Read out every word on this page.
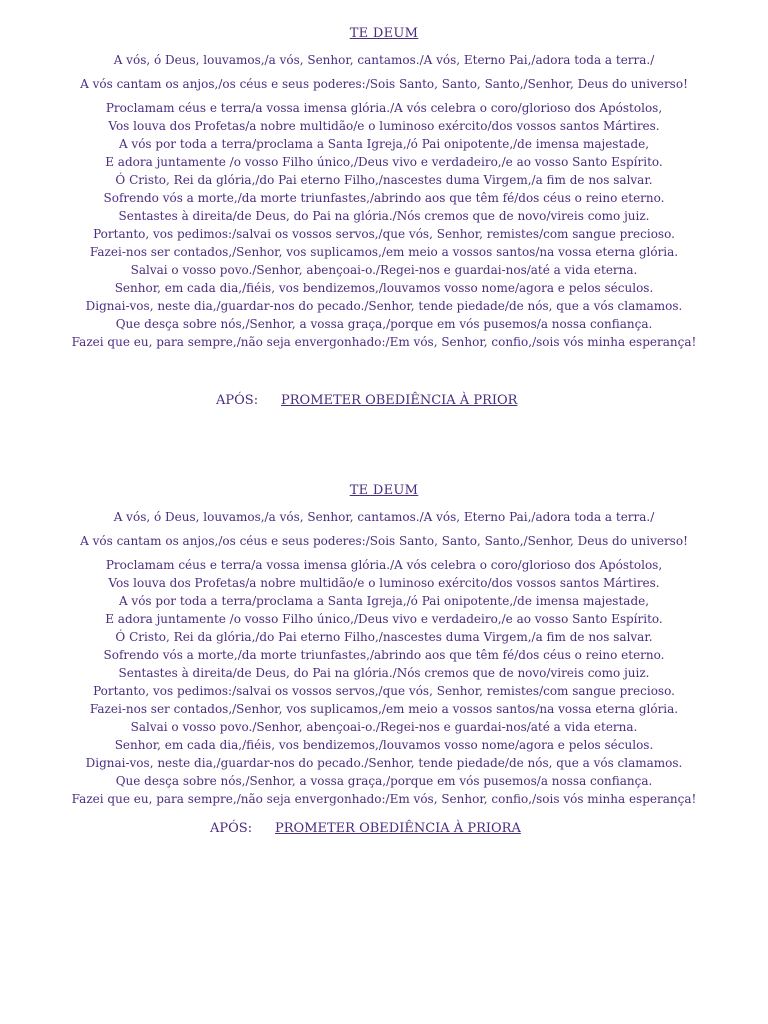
TE DEUM

A vós, ó Deus, louvamos,/a vós, Senhor, cantamos./A vós, Eterno Pai,/adora toda a terra./

A vós cantam os anjos,/os céus e seus poderes:/Sois Santo, Santo, Santo,/Senhor, Deus do universo!

Proclamam céus e terra/a vossa imensa glória./A vós celebra o coro/glorioso dos Apóstolos,

Vos louva dos Profetas/a nobre multidão/e o luminoso exército/dos vossos santos Mártires.

A vós por toda a terra/proclama a Santa Igreja,/ó Pai onipotente,/de imensa majestade,

E adora juntamente /o vosso Filho único,/Deus vivo e verdadeiro,/e ao vosso Santo Espírito.

Ó Cristo, Rei da glória,/do Pai eterno Filho,/nascestes duma Virgem,/a fim de nos salvar.

Sofrendo vós a morte,/da morte triunfastes,/abrindo aos que têm fé/dos céus o reino eterno.

Sentastes à direita/de Deus, do Pai na glória./Nós cremos que de novo/vireis como juiz.

Portanto, vos pedimos:/salvai os vossos servos,/que vós, Senhor, remistes/com sangue precioso.

Fazei-nos ser contados,/Senhor, vos suplicamos,/em meio a vossos santos/na vossa eterna glória.

Salvai o vosso povo./Senhor, abençoai-o./Regei-nos e guardai-nos/até a vida eterna.

Senhor, em cada dia,/fiéis, vos bendizemos,/louvamos vosso nome/agora e pelos séculos.

Dignai-vos, neste dia,/guardar-nos do pecado./Senhor, tende piedade/de nós, que a vós clamamos.

Que desça sobre nós,/Senhor, a vossa graça,/porque em vós pusemos/a nossa confiança.

Fazei que eu, para sempre,/não seja envergonhado:/Em vós, Senhor, confio,/sois vós minha esperança!

APÓS: PROMETER OBEDIÊNCIA À PRIOR

TE DEUM

A vós, ó Deus, louvamos,/a vós, Senhor, cantamos./A vós, Eterno Pai,/adora toda a terra./

A vós cantam os anjos,/os céus e seus poderes:/Sois Santo, Santo, Santo,/Senhor, Deus do universo!

Proclamam céus e terra/a vossa imensa glória./A vós celebra o coro/glorioso dos Apóstolos,

Vos louva dos Profetas/a nobre multidão/e o luminoso exército/dos vossos santos Mártires.

A vós por toda a terra/proclama a Santa Igreja,/ó Pai onipotente,/de imensa majestade,

E adora juntamente /o vosso Filho único,/Deus vivo e verdadeiro,/e ao vosso Santo Espírito.

Ó Cristo, Rei da glória,/do Pai eterno Filho,/nascestes duma Virgem,/a fim de nos salvar.

Sofrendo vós a morte,/da morte triunfastes,/abrindo aos que têm fé/dos céus o reino eterno.

Sentastes à direita/de Deus, do Pai na glória./Nós cremos que de novo/vireis como juiz.

Portanto, vos pedimos:/salvai os vossos servos,/que vós, Senhor, remistes/com sangue precioso.

Fazei-nos ser contados,/Senhor, vos suplicamos,/em meio a vossos santos/na vossa eterna glória.

Salvai o vosso povo./Senhor, abençoai-o./Regei-nos e guardai-nos/até a vida eterna.

Senhor, em cada dia,/fiéis, vos bendizemos,/louvamos vosso nome/agora e pelos séculos.

Dignai-vos, neste dia,/guardar-nos do pecado./Senhor, tende piedade/de nós, que a vós clamamos.

Que desça sobre nós,/Senhor, a vossa graça,/porque em vós pusemos/a nossa confiança.

Fazei que eu, para sempre,/não seja envergonhado:/Em vós, Senhor, confio,/sois vós minha esperança!

APÓS: PROMETER OBEDIÊNCIA À PRIORA
